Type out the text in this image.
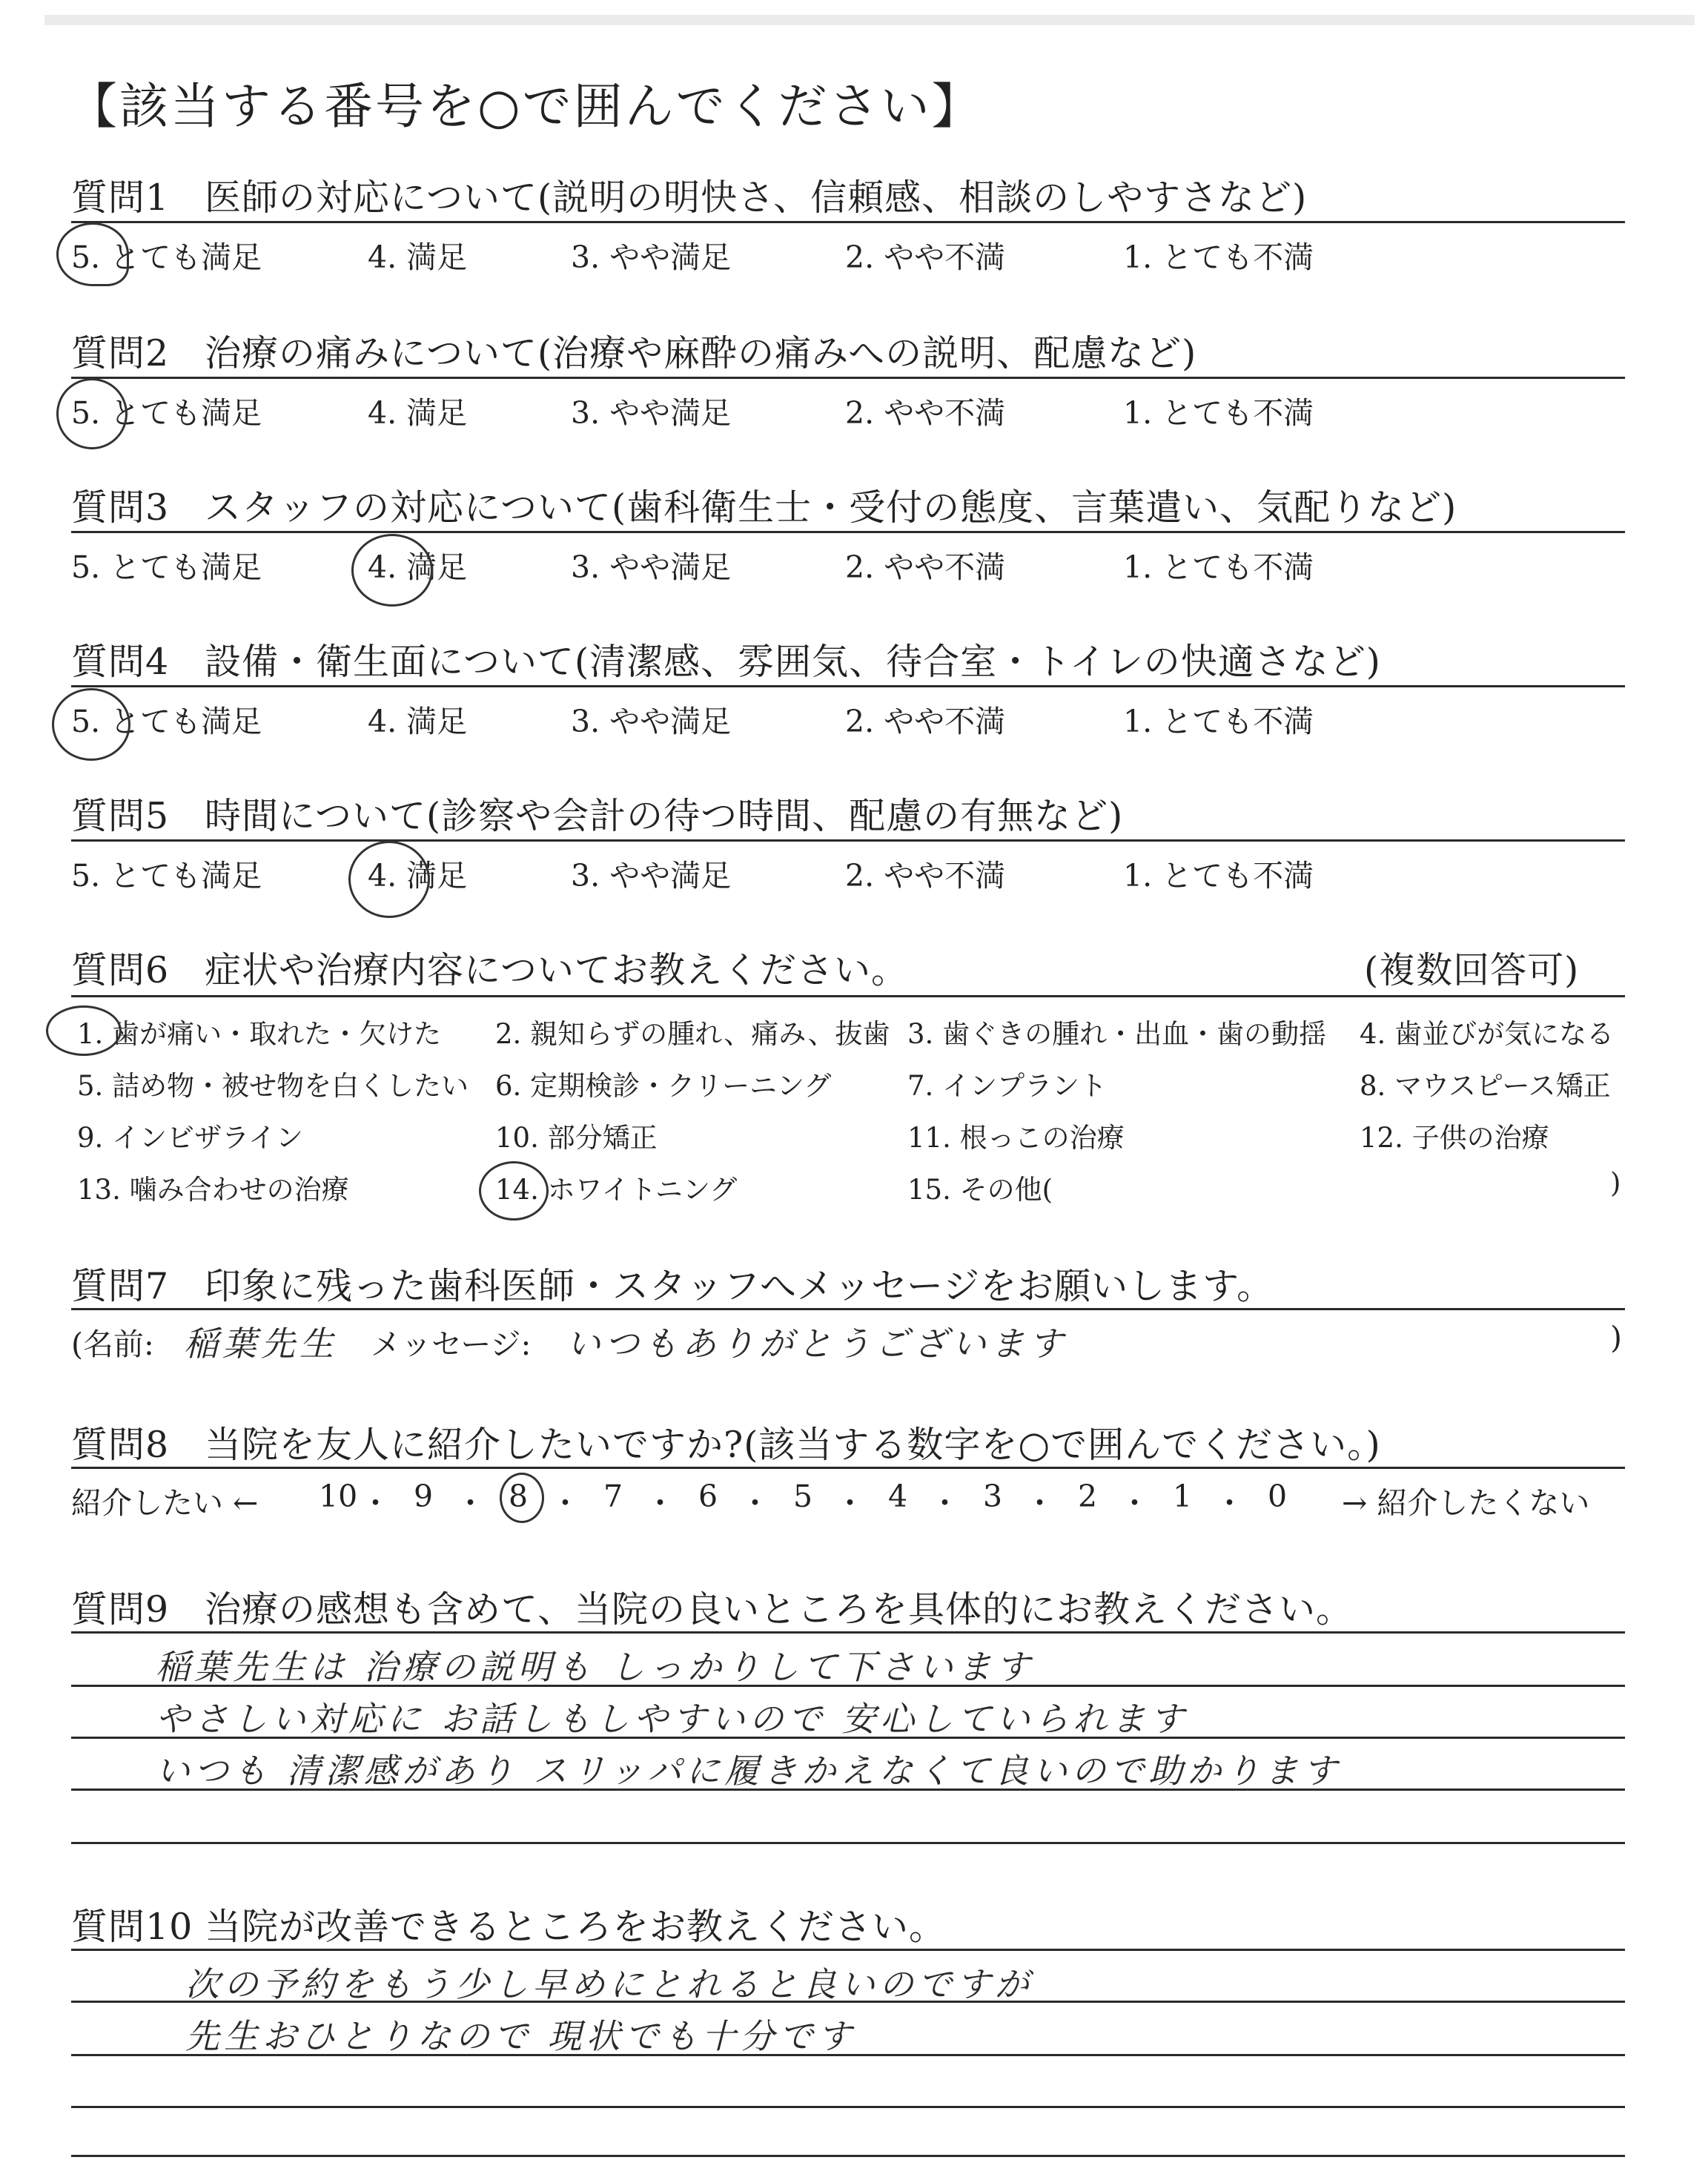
【該当する番号を○で囲んでください】
質問1 医師の対応について(説明の明快さ、信頼感、相談のしやすさなど)
5. とても満足	4. 満足	3. やや満足	2. やや不満	1. とても不満
質問2 治療の痛みについて(治療や麻酔の痛みへの説明、配慮など)
5. とても満足	4. 満足	3. やや満足	2. やや不満	1. とても不満
質問3 スタッフの対応について(歯科衛生士・受付の態度、言葉遣い、気配りなど)
5. とても満足	4. 満足	3. やや満足	2. やや不満	1. とても不満
質問4 設備・衛生面について(清潔感、雰囲気、待合室・トイレの快適さなど)
5. とても満足	4. 満足	3. やや満足	2. やや不満	1. とても不満
質問5 時間について(診察や会計の待つ時間、配慮の有無など)
5. とても満足	4. 満足	3. やや満足	2. やや不満	1. とても不満
質問6 症状や治療内容についてお教えください。	(複数回答可)
1. 歯が痛い・取れた・欠けた 2. 親知らずの腫れ、痛み、抜歯 3. 歯ぐきの腫れ・出血・歯の動揺 4. 歯並びが気になる
5. 詰め物・被せ物を白くしたい 6. 定期検診・クリーニング	7. インプラント	8. マウスピース矯正
9. インビザライン	10. 部分矯正	11. 根っこの治療	12. 子供の治療
13. 噛み合わせの治療	14. ホワイトニング	15. その他(	)
質問7 印象に残った歯科医師・スタッフへメッセージをお願いします。
(名前: 稲葉先生 メッセージ: いつもありがとうございます	)
質問8 当院を友人に紹介したいですか?(該当する数字を○で囲んでください。)
紹介したい ←	→ 紹介したくない
10 ・ 9 ・ 8 ・ 7 ・ 6 ・ 5 ・ 4 ・ 3 ・ 2 ・ 1 ・ 0
質問9 治療の感想も含めて、当院の良いところを具体的にお教えください。
稲葉先生は 治療の説明も しっかりして下さいます
やさしい対応に お話しもしやすいので 安心していられます
いつも 清潔感があり スリッパに履きかえなくて良いので助かります
質問10 当院が改善できるところをお教えください。
次の予約をもう少し早めにとれると良いのですが
先生おひとりなので 現状でも十分です
